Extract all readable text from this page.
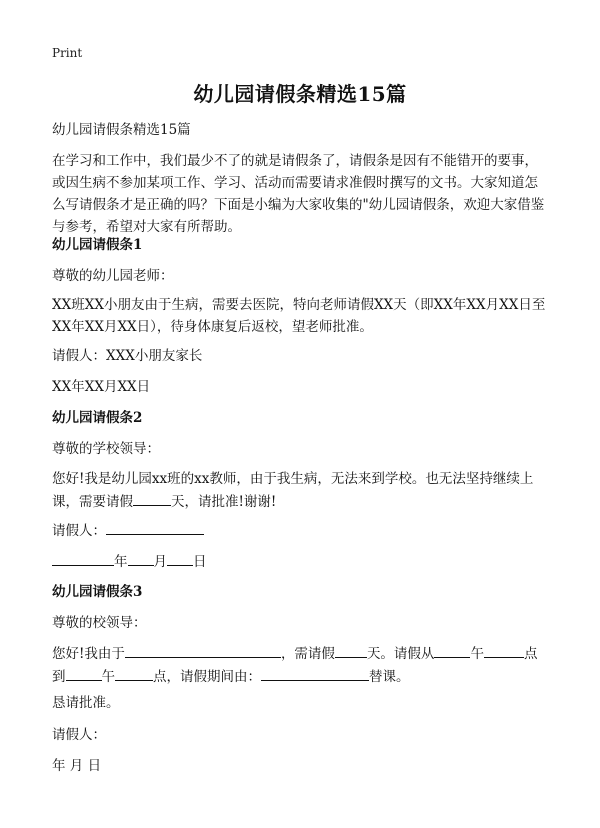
Print
幼儿园请假条精选15篇
幼儿园请假条精选15篇
在学习和工作中，我们最少不了的就是请假条了，请假条是因有不能错开的要事，或因生病不参加某项工作、学习、活动而需要请求准假时撰写的文书。大家知道怎么写请假条才是正确的吗？下面是小编为大家收集的"幼儿园请假条，欢迎大家借鉴与参考，希望对大家有所帮助。
幼儿园请假条1
尊敬的幼儿园老师：
XX班XX小朋友由于生病，需要去医院，特向老师请假XX天（即XX年XX月XX日至XX年XX月XX日），待身体康复后返校，望老师批准。
请假人：XXX小朋友家长
XX年XX月XX日
幼儿园请假条2
尊敬的学校领导：
您好!我是幼儿园xx班的xx教师，由于我生病，无法来到学校。也无法坚持继续上课，需要请假	天，请批准!谢谢!
请假人：
年 月 日
幼儿园请假条3
尊敬的校领导：
您好!我由于	，需请假 天。请假从	午	点到	午	点，请假期间由：	替课。
恳请批准。
请假人：
年 月 日
